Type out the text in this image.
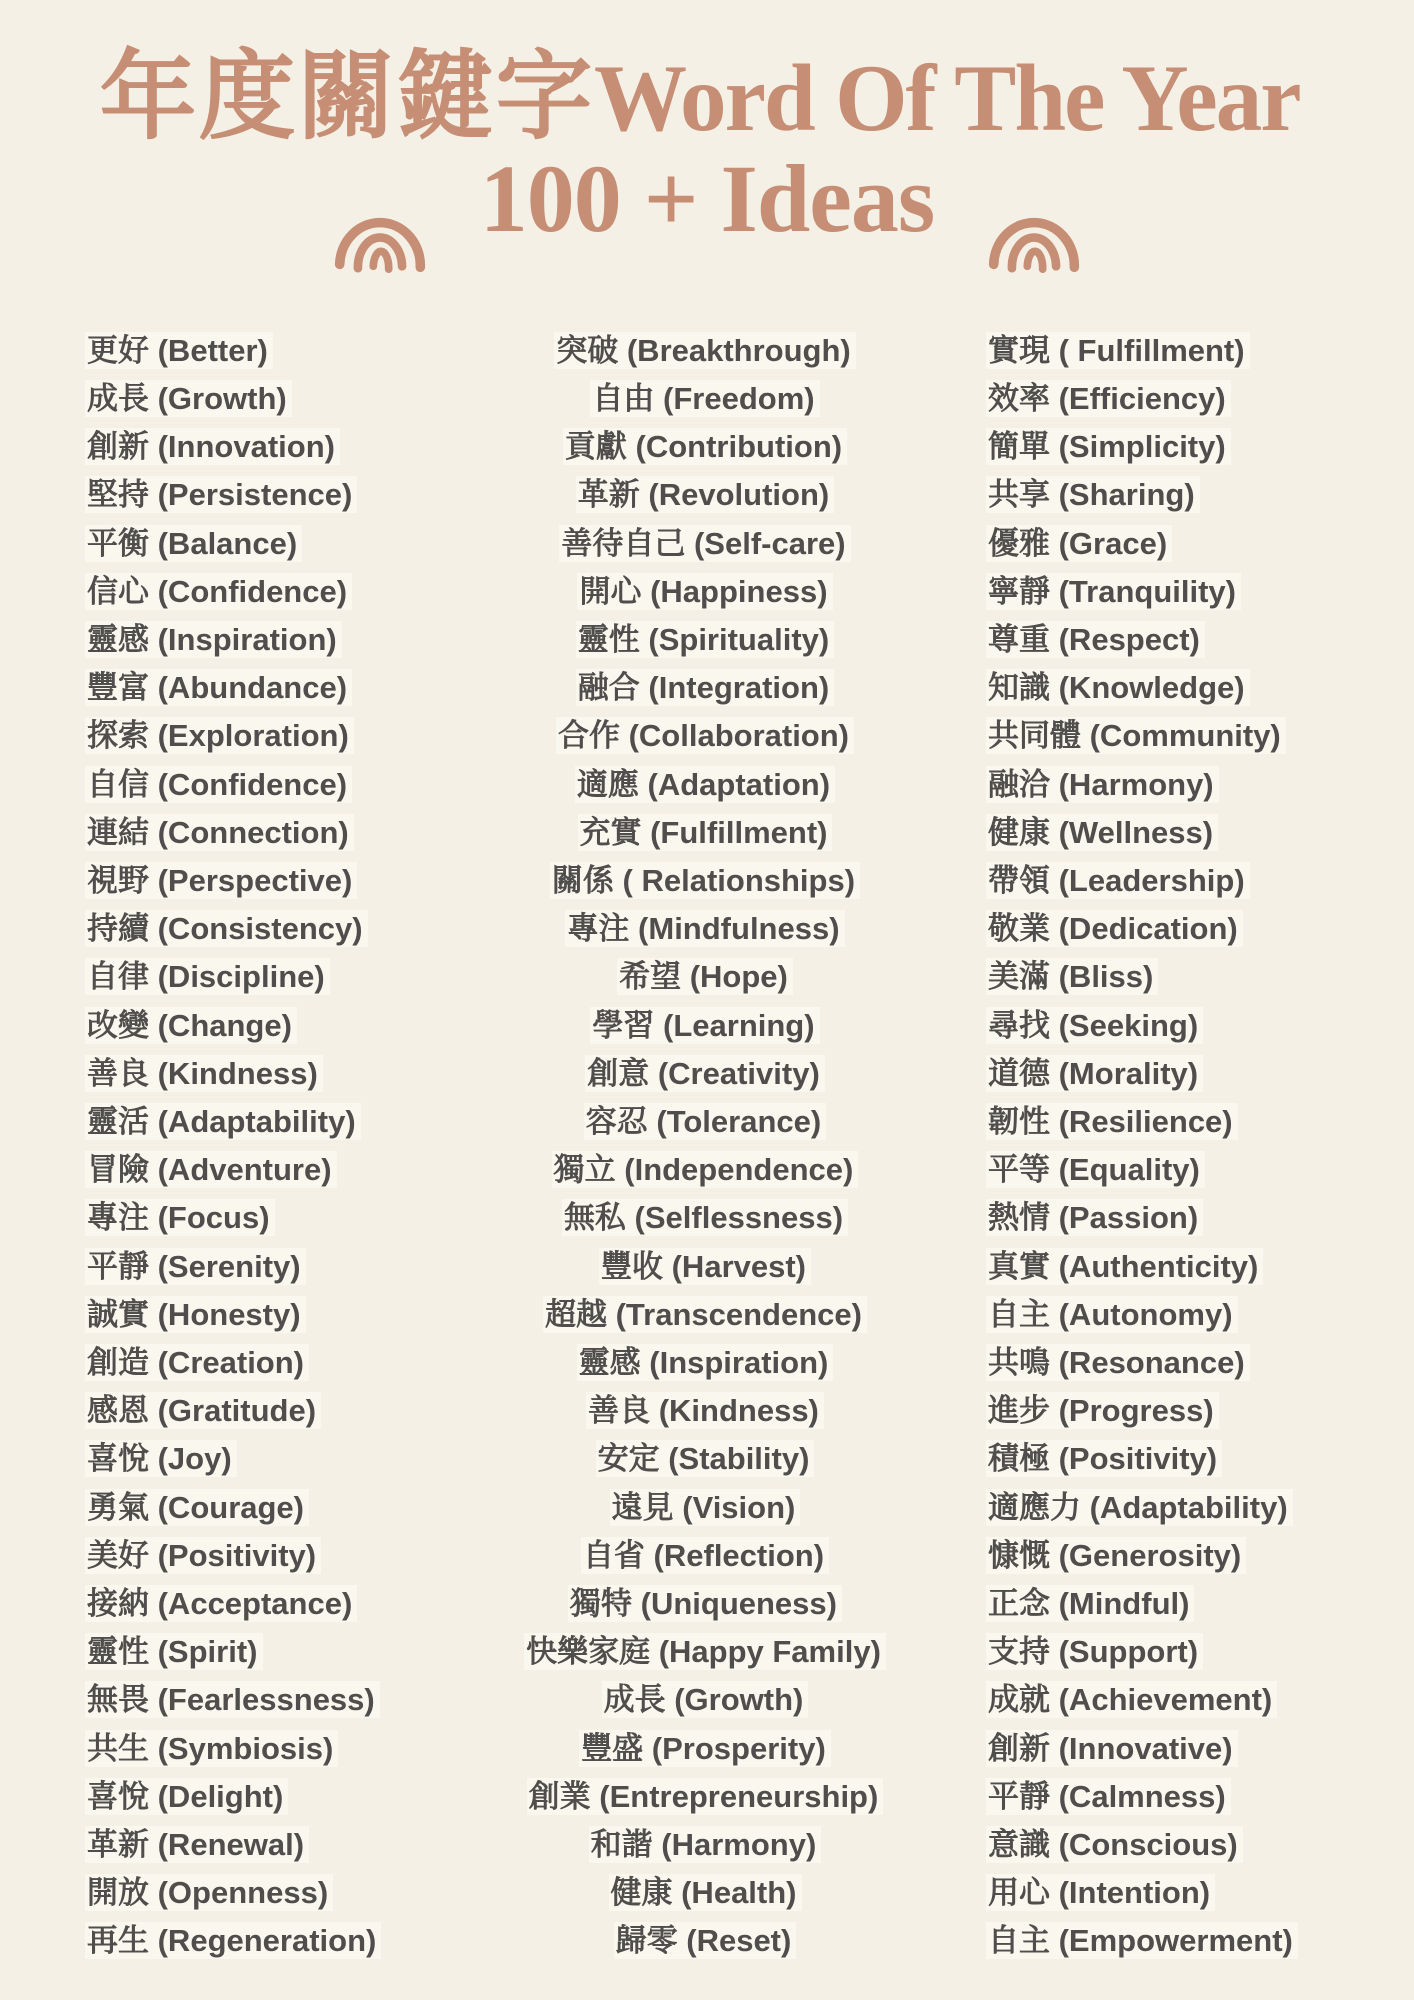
年度關鍵字 Word Of The Year
100 + Ideas
更好 (Better)
成長 (Growth)
創新 (Innovation)
堅持 (Persistence)
平衡 (Balance)
信心 (Confidence)
靈感 (Inspiration)
豐富 (Abundance)
探索 (Exploration)
自信 (Confidence)
連結 (Connection)
視野 (Perspective)
持續 (Consistency)
自律 (Discipline)
改變 (Change)
善良 (Kindness)
靈活 (Adaptability)
冒險 (Adventure)
專注 (Focus)
平靜 (Serenity)
誠實 (Honesty)
創造 (Creation)
感恩 (Gratitude)
喜悅 (Joy)
勇氣 (Courage)
美好 (Positivity)
接納 (Acceptance)
靈性 (Spirit)
無畏 (Fearlessness)
共生 (Symbiosis)
喜悅 (Delight)
革新 (Renewal)
開放 (Openness)
再生 (Regeneration)
突破 (Breakthrough)
自由 (Freedom)
貢獻 (Contribution)
革新 (Revolution)
善待自己 (Self-care)
開心 (Happiness)
靈性 (Spirituality)
融合 (Integration)
合作 (Collaboration)
適應 (Adaptation)
充實 (Fulfillment)
關係 ( Relationships)
專注 (Mindfulness)
希望 (Hope)
學習 (Learning)
創意 (Creativity)
容忍 (Tolerance)
獨立 (Independence)
無私 (Selflessness)
豐收 (Harvest)
超越 (Transcendence)
靈感 (Inspiration)
善良 (Kindness)
安定 (Stability)
遠見 (Vision)
自省 (Reflection)
獨特 (Uniqueness)
快樂家庭 (Happy Family)
成長 (Growth)
豐盛 (Prosperity)
創業 (Entrepreneurship)
和諧 (Harmony)
健康 (Health)
歸零 (Reset)
實現 ( Fulfillment)
效率 (Efficiency)
簡單 (Simplicity)
共享 (Sharing)
優雅 (Grace)
寧靜 (Tranquility)
尊重 (Respect)
知識 (Knowledge)
共同體 (Community)
融洽 (Harmony)
健康 (Wellness)
帶領 (Leadership)
敬業 (Dedication)
美滿 (Bliss)
尋找 (Seeking)
道德 (Morality)
韌性 (Resilience)
平等 (Equality)
熱情 (Passion)
真實 (Authenticity)
自主 (Autonomy)
共鳴 (Resonance)
進步 (Progress)
積極 (Positivity)
適應力 (Adaptability)
慷慨 (Generosity)
正念 (Mindful)
支持 (Support)
成就 (Achievement)
創新 (Innovative)
平靜 (Calmness)
意識 (Conscious)
用心 (Intention)
自主 (Empowerment)
